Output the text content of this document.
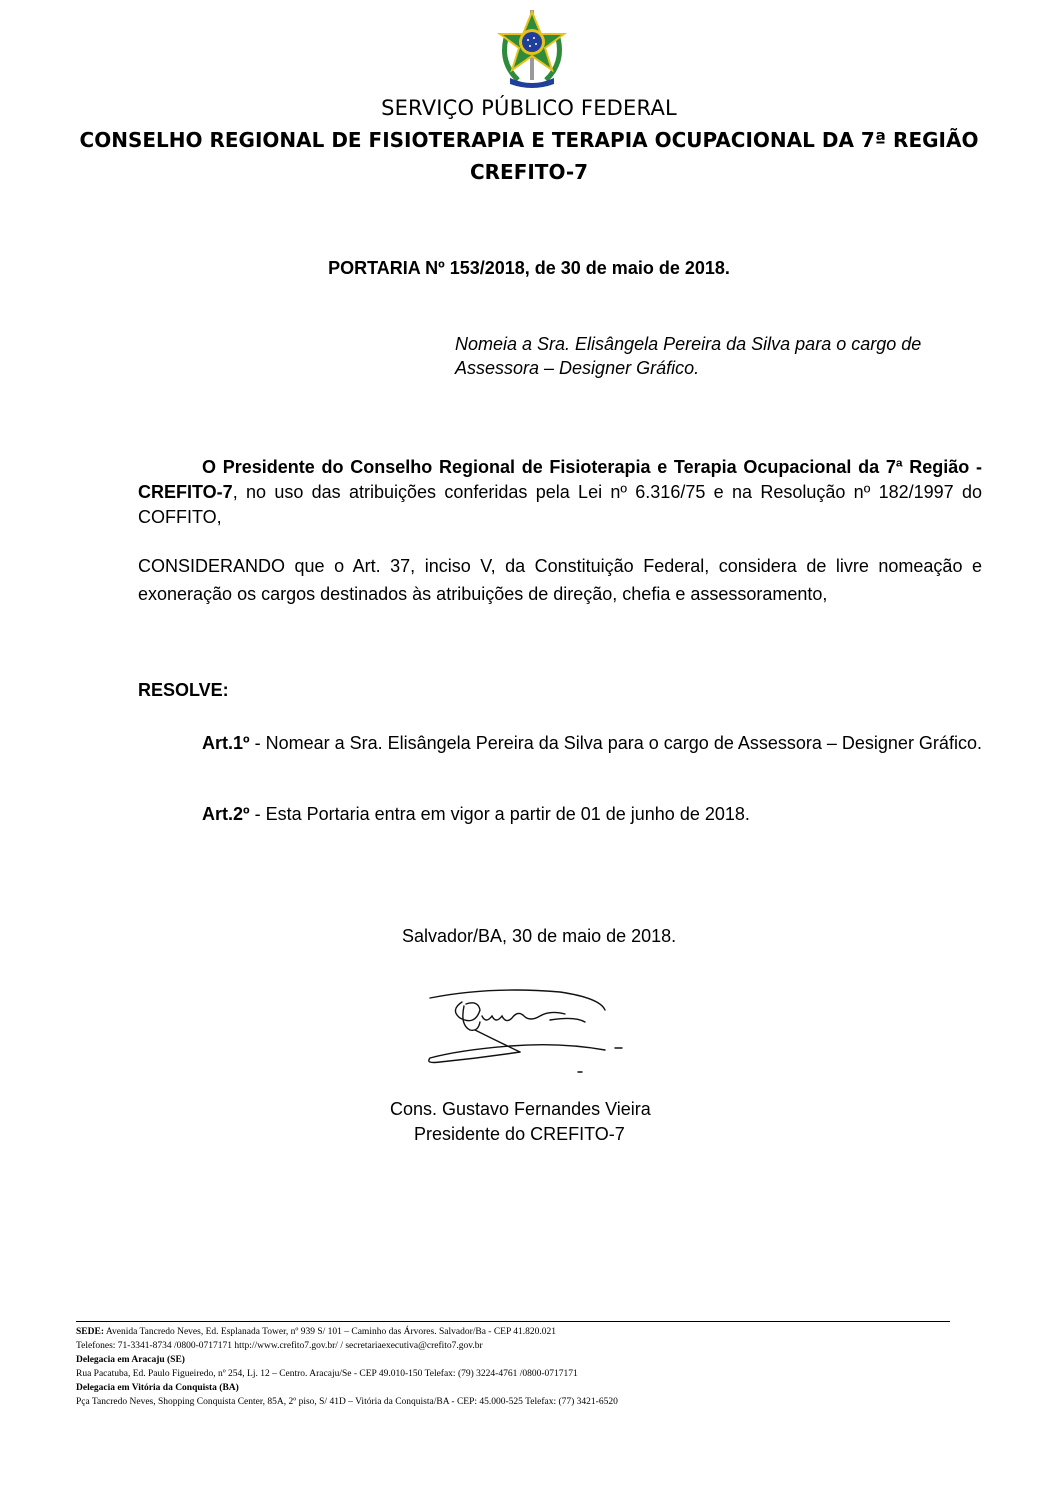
SERVIÇO PÚBLICO FEDERAL
CONSELHO REGIONAL DE FISIOTERAPIA E TERAPIA OCUPACIONAL DA 7ª REGIÃO
CREFITO-7
PORTARIA Nº 153/2018, de 30 de maio de 2018.
Nomeia a Sra. Elisângela Pereira da Silva para o cargo de Assessora – Designer Gráfico.
O Presidente do Conselho Regional de Fisioterapia e Terapia Ocupacional da 7ª Região - CREFITO-7, no uso das atribuições conferidas pela Lei nº 6.316/75 e na Resolução nº 182/1997 do COFFITO,
CONSIDERANDO que o Art. 37, inciso V, da Constituição Federal, considera de livre nomeação e exoneração os cargos destinados às atribuições de direção, chefia e assessoramento,
RESOLVE:
Art.1º - Nomear a Sra. Elisângela Pereira da Silva para o cargo de Assessora – Designer Gráfico.
Art.2º - Esta Portaria entra em vigor a partir de 01 de junho de 2018.
Salvador/BA, 30 de maio de 2018.
Cons. Gustavo Fernandes Vieira
Presidente do CREFITO-7
SEDE: Avenida Tancredo Neves, Ed. Esplanada Tower, nº 939 S/ 101 – Caminho das Árvores. Salvador/Ba - CEP 41.820.021
Telefones: 71-3341-8734 /0800-0717171 http://www.crefito7.gov.br/ / secretariaexecutiva@crefito7.gov.br
Delegacia em Aracaju (SE)
Rua Pacatuba, Ed. Paulo Figueiredo, nº 254, Lj. 12 – Centro. Aracaju/Se - CEP 49.010-150 Telefax: (79) 3224-4761 /0800-0717171
Delegacia em Vitória da Conquista (BA)
Pça Tancredo Neves, Shopping Conquista Center, 85A, 2º piso, S/ 41D – Vitória da Conquista/BA - CEP: 45.000-525 Telefax: (77) 3421-6520
